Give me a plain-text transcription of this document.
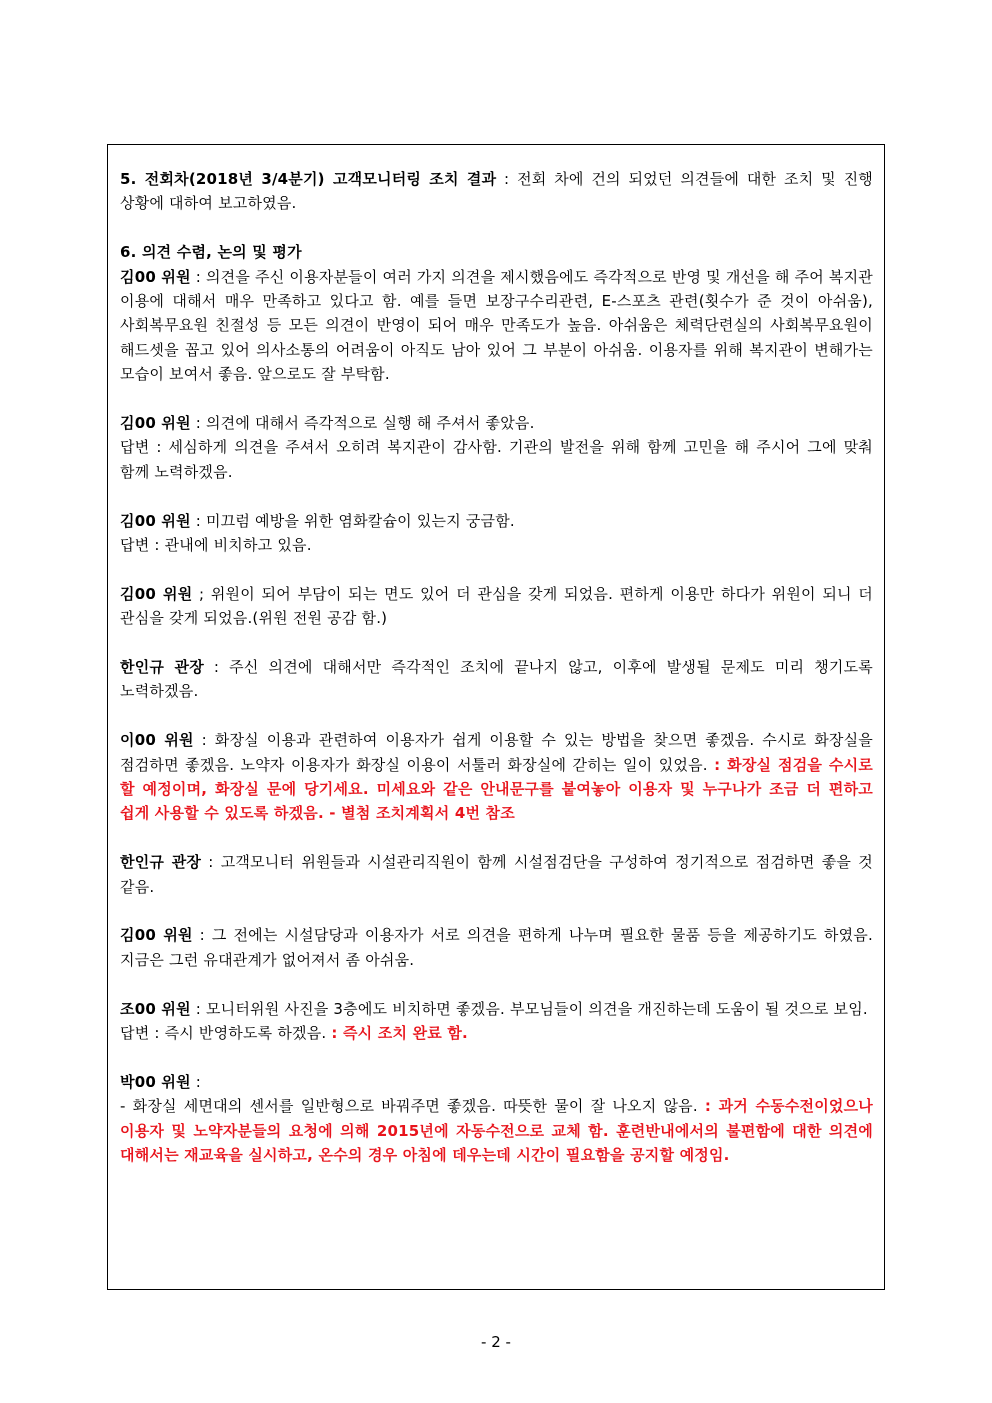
5. 전회차(2018년 3/4분기) 고객모니터링 조치 결과 : 전회 차에 건의 되었던 의견들에 대한 조치 및 진행 상황에 대하여 보고하였음.

6. 의견 수렴, 논의 및 평가

김00 위원 : 의견을 주신 이용자분들이 여러 가지 의견을 제시했음에도 즉각적으로 반영 및 개선을 해 주어 복지관 이용에 대해서 매우 만족하고 있다고 함. 예를 들면 보장구수리관련, E-스포츠 관련(횟수가 준 것이 아쉬움), 사회복무요원 친절성 등 모든 의견이 반영이 되어 매우 만족도가 높음. 아쉬움은 체력단련실의 사회복무요원이 해드셋을 꼽고 있어 의사소통의 어려움이 아직도 남아 있어 그 부분이 아쉬움. 이용자를 위해 복지관이 변해가는 모습이 보여서 좋음. 앞으로도 잘 부탁함.

김00 위원 : 의견에 대해서 즉각적으로 실행 해 주셔서 좋았음.

답변 : 세심하게 의견을 주셔서 오히려 복지관이 감사함. 기관의 발전을 위해 함께 고민을 해 주시어 그에 맞춰 함께 노력하겠음.

김00 위원 : 미끄럼 예방을 위한 염화칼슘이 있는지 궁금함.

답변 : 관내에 비치하고 있음.

김00 위원 ; 위원이 되어 부담이 되는 면도 있어 더 관심을 갖게 되었음. 편하게 이용만 하다가 위원이 되니 더 관심을 갖게 되었음.(위원 전원 공감 함.)

한인규 관장 : 주신 의견에 대해서만 즉각적인 조치에 끝나지 않고, 이후에 발생될 문제도 미리 챙기도록 노력하겠음.

이00 위원 : 화장실 이용과 관련하여 이용자가 쉽게 이용할 수 있는 방법을 찾으면 좋겠음. 수시로 화장실을 점검하면 좋겠음. 노약자 이용자가 화장실 이용이 서툴러 화장실에 갇히는 일이 있었음. : 화장실 점검을 수시로 할 예정이며, 화장실 문에 당기세요. 미세요와 같은 안내문구를 붙여놓아 이용자 및 누구나가 조금 더 편하고 쉽게 사용할 수 있도록 하겠음. - 별첨 조치계획서 4번 참조

한인규 관장 : 고객모니터 위원들과 시설관리직원이 함께 시설점검단을 구성하여 정기적으로 점검하면 좋을 것 같음.

김00 위원 : 그 전에는 시설담당과 이용자가 서로 의견을 편하게 나누며 필요한 물품 등을 제공하기도 하였음. 지금은 그런 유대관계가 없어져서 좀 아쉬움.

조00 위원 : 모니터위원 사진을 3층에도 비치하면 좋겠음. 부모님들이 의견을 개진하는데 도움이 될 것으로 보임.

답변 : 즉시 반영하도록 하겠음. : 즉시 조치 완료 함.

박00 위원 :

- 화장실 세면대의 센서를 일반형으로 바꿔주면 좋겠음. 따뜻한 물이 잘 나오지 않음. : 과거 수동수전이었으나 이용자 및 노약자분들의 요청에 의해 2015년에 자동수전으로 교체 함. 훈련반내에서의 불편함에 대한 의견에 대해서는 재교육을 실시하고, 온수의 경우 아침에 데우는데 시간이 필요함을 공지할 예정임.

- 2 -
